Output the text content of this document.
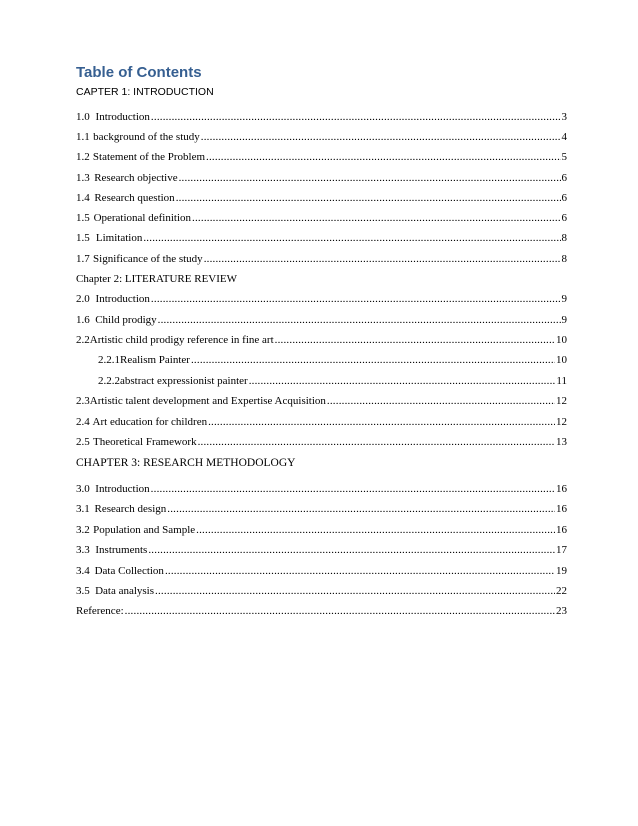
Table of Contents
CAPTER 1: INTRODUCTION
1.0 Introduction .....	3
1.1 background of the study .....	4
1.2 Statement of the Problem .....	5
1.3 Research objective .....	6
1.4 Research question .....	6
1.5 Operational definition .....	6
1.5 Limitation .....	8
1.7 Significance of the study .....	8
Chapter 2: LITERATURE REVIEW
2.0 Introduction .....	9
1.6 Child prodigy .....	9
2.2 Artistic child prodigy reference in fine art .....	10
2.2.1 Realism Painter .....	10
2.2.2 abstract expressionist painter .....	11
2.3 Artistic talent development and Expertise Acquisition .....	12
2.4 Art education for children .....	12
2.5 Theoretical Framework .....	13
CHAPTER 3: RESEARCH METHODOLOGY
3.0 Introduction .....	16
3.1 Research design .....	16
3.2 Population and Sample .....	16
3.3 Instruments .....	17
3.4 Data Collection .....	19
3.5 Data analysis .....	22
Reference: .....	23
